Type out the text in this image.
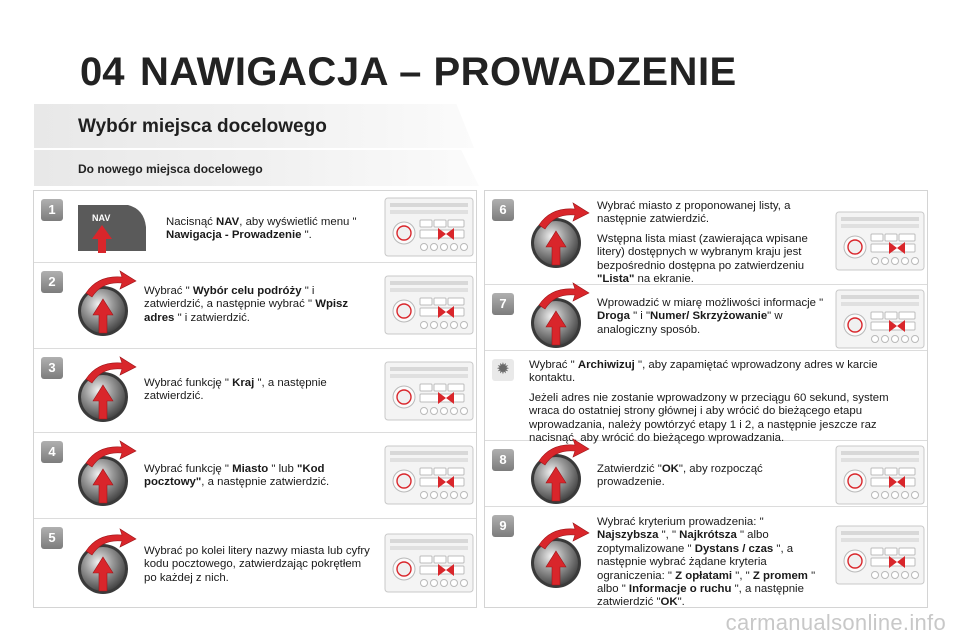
04 NAWIGACJA – PROWADZENIE
Wybór miejsca docelowego
Do nowego miejsca docelowego
1
NAV	Nacisnąć NAV, aby wyświetlić menu " Nawigacja - Prowadzenie ".
2
Wybrać " Wybór celu podróży " i zatwierdzić, a następnie wybrać " Wpisz adres " i zatwierdzić.
3
Wybrać funkcję " Kraj ", a następnie zatwierdzić.
4
Wybrać funkcję " Miasto " lub "Kod pocztowy", a następnie zatwierdzić.
5
Wybrać po kolei litery nazwy miasta lub cyfry kodu pocztowego, zatwierdzając pokrętłem po każdej z nich.
6	Wybrać miasto z proponowanej listy, a następnie zatwierdzić.

Wstępna lista miast (zawierająca wpisane litery) dostępnych w wybranym kraju jest bezpośrednio dostępna po zatwierdzeniu "Lista" na ekranie.

7	Wprowadzić w miarę możliwości informacje " Droga " i "Numer/ Skrzyżowanie" w analogiczny sposób.
✹	Wybrać " Archiwizuj ", aby zapamiętać wprowadzony adres w karcie kontaktu.

Jeżeli adres nie zostanie wprowadzony w przeciągu 60 sekund, system wraca do ostatniej strony głównej i aby wrócić do bieżącego etapu wprowadzania, należy powtórzyć etapy 1 i 2, a następnie jeszcze raz nacisnąć, aby wrócić do bieżącego wprowadzania.

8
Zatwierdzić "OK", aby rozpocząć prowadzenie.
9	Wybrać kryterium prowadzenia: " Najszybsza ", " Najkrótsza " albo zoptymalizowane " Dystans / czas ", a następnie wybrać żądane kryteria ograniczenia: " Z opłatami ", " Z promem " albo " Informacje o ruchu ", a następnie zatwierdzić "OK".
carmanualsonline.info
